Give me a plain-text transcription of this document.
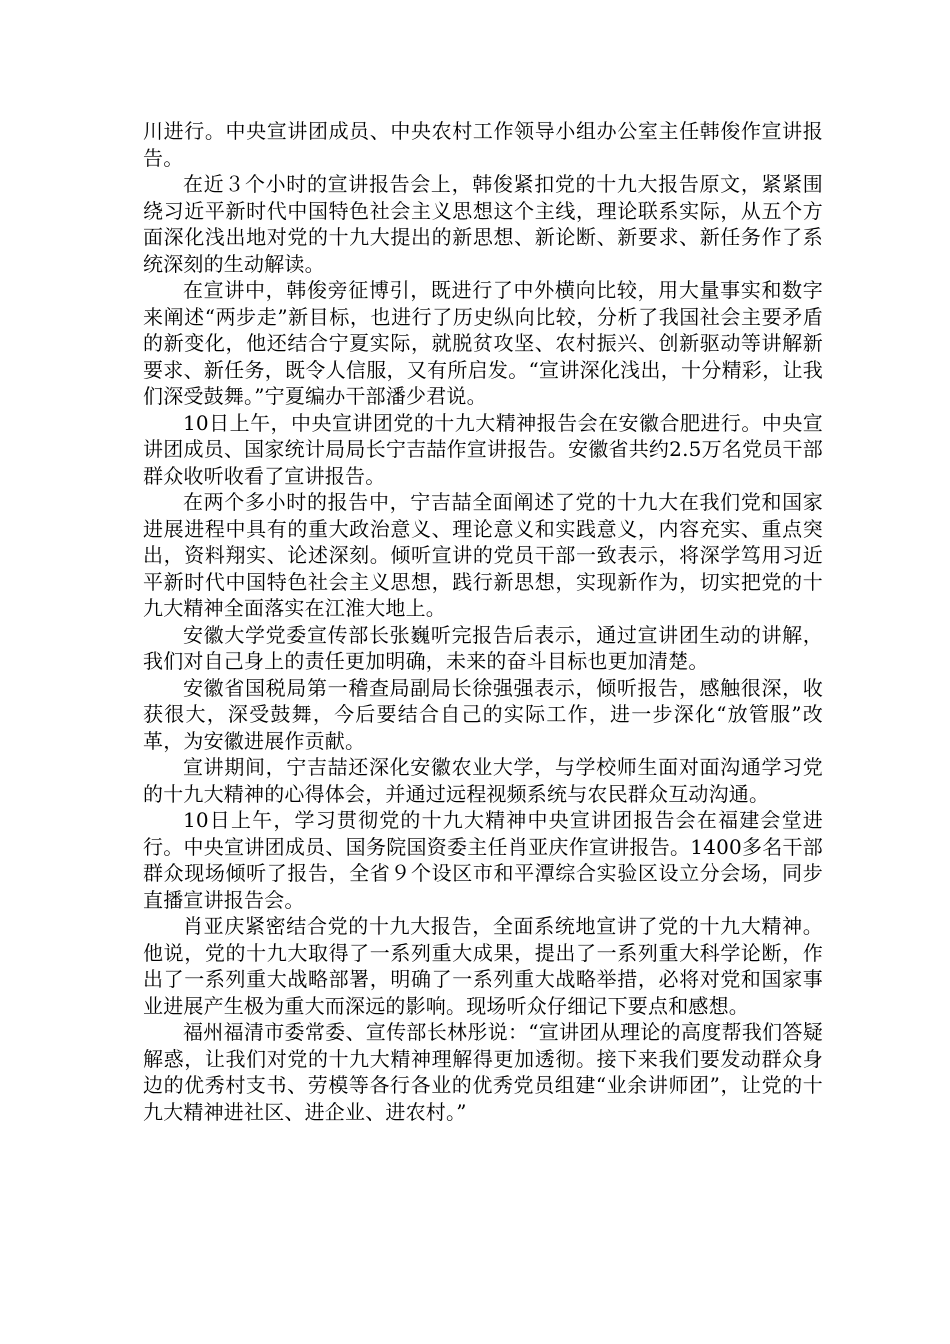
川进行。中央宣讲团成员、中央农村工作领导小组办公室主任韩俊作宣讲报告。

在近３个小时的宣讲报告会上，韩俊紧扣党的十九大报告原文，紧紧围绕习近平新时代中国特色社会主义思想这个主线，理论联系实际，从五个方面深化浅出地对党的十九大提出的新思想、新论断、新要求、新任务作了系统深刻的生动解读。

在宣讲中，韩俊旁征博引，既进行了中外横向比较，用大量事实和数字来阐述“两步走”新目标，也进行了历史纵向比较，分析了我国社会主要矛盾的新变化，他还结合宁夏实际，就脱贫攻坚、农村振兴、创新驱动等讲解新要求、新任务，既令人信服，又有所启发。“宣讲深化浅出，十分精彩，让我们深受鼓舞。”宁夏编办干部潘少君说。

10日上午，中央宣讲团党的十九大精神报告会在安徽合肥进行。中央宣讲团成员、国家统计局局长宁吉喆作宣讲报告。安徽省共约2.5万名党员干部群众收听收看了宣讲报告。

在两个多小时的报告中，宁吉喆全面阐述了党的十九大在我们党和国家进展进程中具有的重大政治意义、理论意义和实践意义，内容充实、重点突出，资料翔实、论述深刻。倾听宣讲的党员干部一致表示，将深学笃用习近平新时代中国特色社会主义思想，践行新思想，实现新作为，切实把党的十九大精神全面落实在江淮大地上。

安徽大学党委宣传部长张巍听完报告后表示，通过宣讲团生动的讲解，我们对自己身上的责任更加明确，未来的奋斗目标也更加清楚。

安徽省国税局第一稽查局副局长徐强强表示，倾听报告，感触很深，收获很大，深受鼓舞，今后要结合自己的实际工作，进一步深化“放管服”改革，为安徽进展作贡献。

宣讲期间，宁吉喆还深化安徽农业大学，与学校师生面对面沟通学习党的十九大精神的心得体会，并通过远程视频系统与农民群众互动沟通。

10日上午，学习贯彻党的十九大精神中央宣讲团报告会在福建会堂进行。中央宣讲团成员、国务院国资委主任肖亚庆作宣讲报告。1400多名干部群众现场倾听了报告，全省９个设区市和平潭综合实验区设立分会场，同步直播宣讲报告会。

肖亚庆紧密结合党的十九大报告，全面系统地宣讲了党的十九大精神。他说，党的十九大取得了一系列重大成果，提出了一系列重大科学论断，作出了一系列重大战略部署，明确了一系列重大战略举措，必将对党和国家事业进展产生极为重大而深远的影响。现场听众仔细记下要点和感想。

福州福清市委常委、宣传部长林彤说：“宣讲团从理论的高度帮我们答疑解惑，让我们对党的十九大精神理解得更加透彻。接下来我们要发动群众身边的优秀村支书、劳模等各行各业的优秀党员组建“业余讲师团”，让党的十九大精神进社区、进企业、进农村。”
